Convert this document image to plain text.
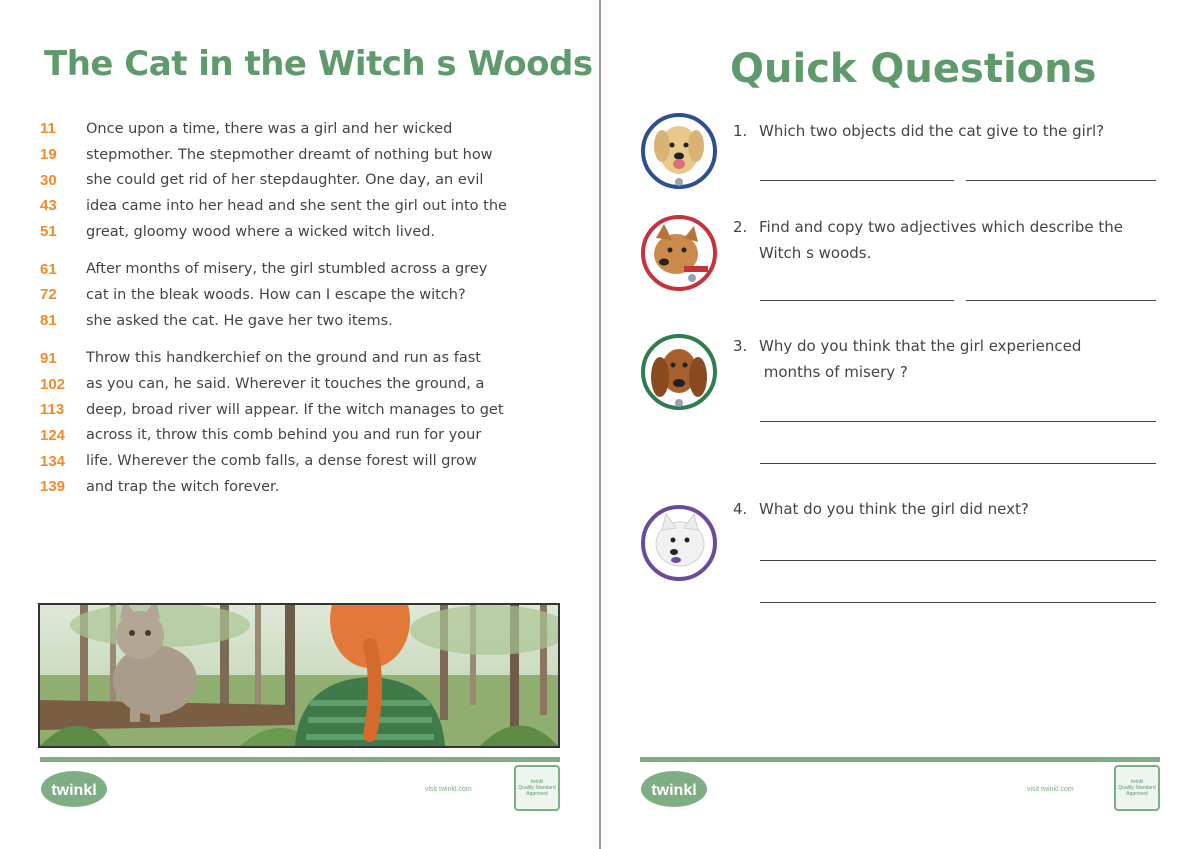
The Cat in the Witch s Woods
11	Once upon a time, there was a girl and her wicked
19	stepmother. The stepmother dreamt of nothing but how
30	she could get rid of her stepdaughter. One day, an evil
43	idea came into her head and she sent the girl out into the
51	great, gloomy wood where a wicked witch lived.
61	After months of misery, the girl stumbled across a grey
72	cat in the bleak woods. How can I escape the witch?
81	she asked the cat. He gave her two items.
91	Throw this handkerchief on the ground and run as fast
102	as you can, he said. Wherever it touches the ground, a
113	deep, broad river will appear. If the witch manages to get
124	across it, throw this comb behind you and run for your
134	life. Wherever the comb falls, a dense forest will grow
139	and trap the witch forever.
twinkl	visit twinkl.com
twinkl
Quality Standard
Approved
Quick Questions
1. Which two objects did the cat give to the girl?
2. Find and copy two adjectives which describe the
Witch s woods.
3. Why do you think that the girl experienced
months of misery ?
4. What do you think the girl did next?
twinkl	visit twinkl.com
twinkl
Quality Standard
Approved
